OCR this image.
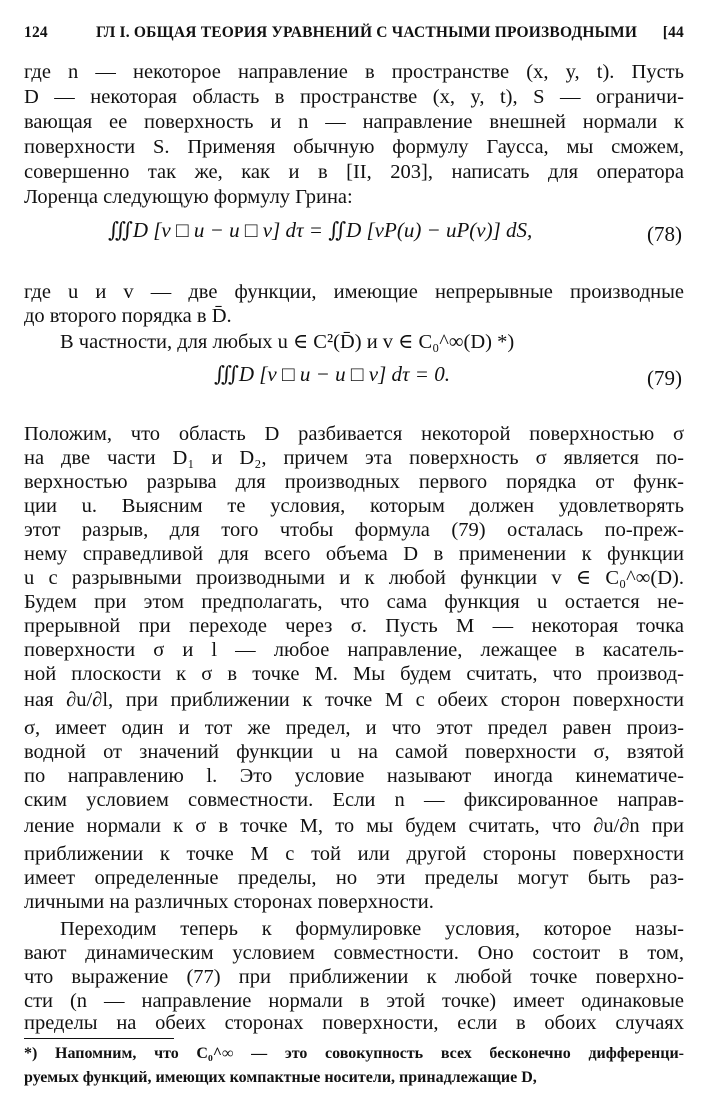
124	ГЛ I. ОБЩАЯ ТЕОРИЯ УРАВНЕНИЙ С ЧАСТНЫМИ ПРОИЗВОДНЫМИ [44
где n — некоторое направление в пространстве (x, y, t). Пусть
D — некоторая область в пространстве (x, y, t), S — ограничи-
вающая ее поверхность и n — направление внешней нормали к
поверхности S. Применяя обычную формулу Гаусса, мы сможем,
совершенно так же, как и в [II, 203], написать для оператора
Лоренца следующую формулу Грина:
∭D [v □ u − u □ v] dτ = ∬D [vP(u) − uP(v)] dS,	(78)
где u и v — две функции, имеющие непрерывные производные
до второго порядка в D̄.
В частности, для любых u ∈ C²(D̄) и v ∈ C₀^∞(D) *)
∭D [v □ u − u □ v] dτ = 0.	(79)
Положим, что область D разбивается некоторой поверхностью σ
на две части D₁ и D₂, причем эта поверхность σ является по-
верхностью разрыва для производных первого порядка от функ-
ции u. Выясним те условия, которым должен удовлетворять
этот разрыв, для того чтобы формула (79) осталась по-преж-
нему справедливой для всего объема D в применении к функции
u с разрывными производными и к любой функции v ∈ C₀^∞(D).
Будем при этом предполагать, что сама функция u остается не-
прерывной при переходе через σ. Пусть M — некоторая точка
поверхности σ и l — любое направление, лежащее в касатель-
ной плоскости к σ в точке M. Мы будем считать, что производ-
ная ∂u/∂l, при приближении к точке M с обеих сторон поверхности
σ, имеет один и тот же предел, и что этот предел равен произ-
водной от значений функции u на самой поверхности σ, взятой
по направлению l. Это условие называют иногда кинематиче-
ским условием совместности. Если n — фиксированное направ-
ление нормали к σ в точке M, то мы будем считать, что ∂u/∂n при
приближении к точке M с той или другой стороны поверхности
имеет определенные пределы, но эти пределы могут быть раз-
личными на различных сторонах поверхности.
Переходим теперь к формулировке условия, которое назы-
вают динамическим условием совместности. Оно состоит в том,
что выражение (77) при приближении к любой точке поверхно-
сти (n — направление нормали в этой точке) имеет одинаковые
*) Напомним, что C₀^∞ — это совокупность всех бесконечно дифференци-
руемых функций, имеющих компактные носители, принадлежащие D,
пределы на обеих сторонах поверхности, если в обоих случаях
